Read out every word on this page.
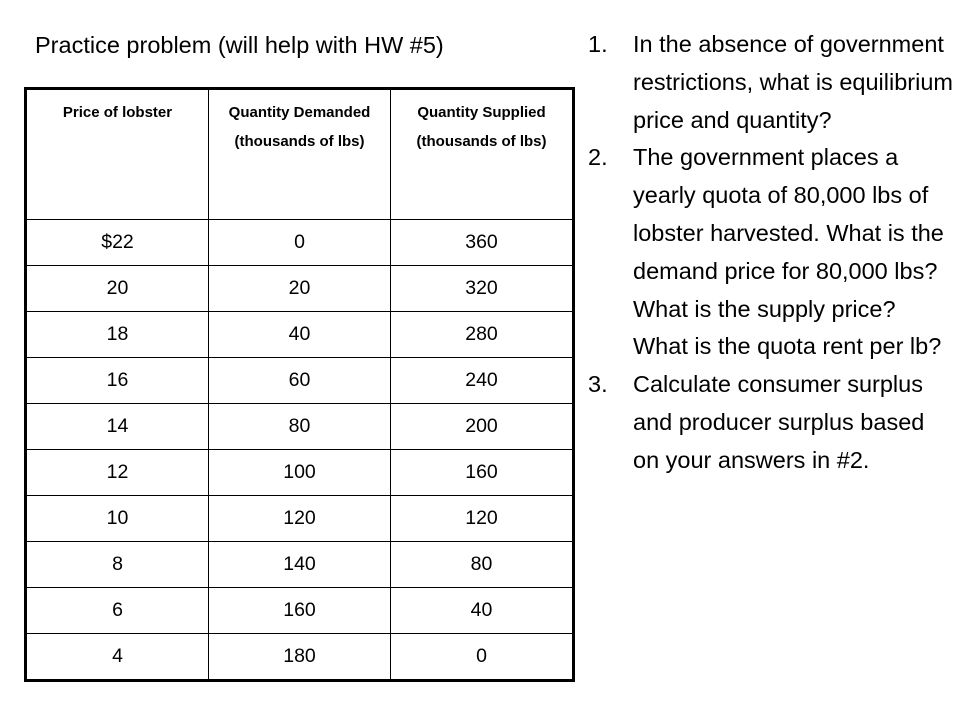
Practice problem (will help with HW #5)
Price of lobster	Quantity Demanded (thousands of lbs)	Quantity Supplied (thousands of lbs)
$22	0	360
20	20	320
18	40	280
16	60	240
14	80	200
12	100	160
10	120	120
8	140	80
6	160	40
4	180	0
1. In the absence of government restrictions, what is equilibrium price and quantity?
2. The government places a yearly quota of 80,000 lbs of lobster harvested. What is the demand price for 80,000 lbs? What is the supply price? What is the quota rent per lb?
3. Calculate consumer surplus and producer surplus based on your answers in #2.
